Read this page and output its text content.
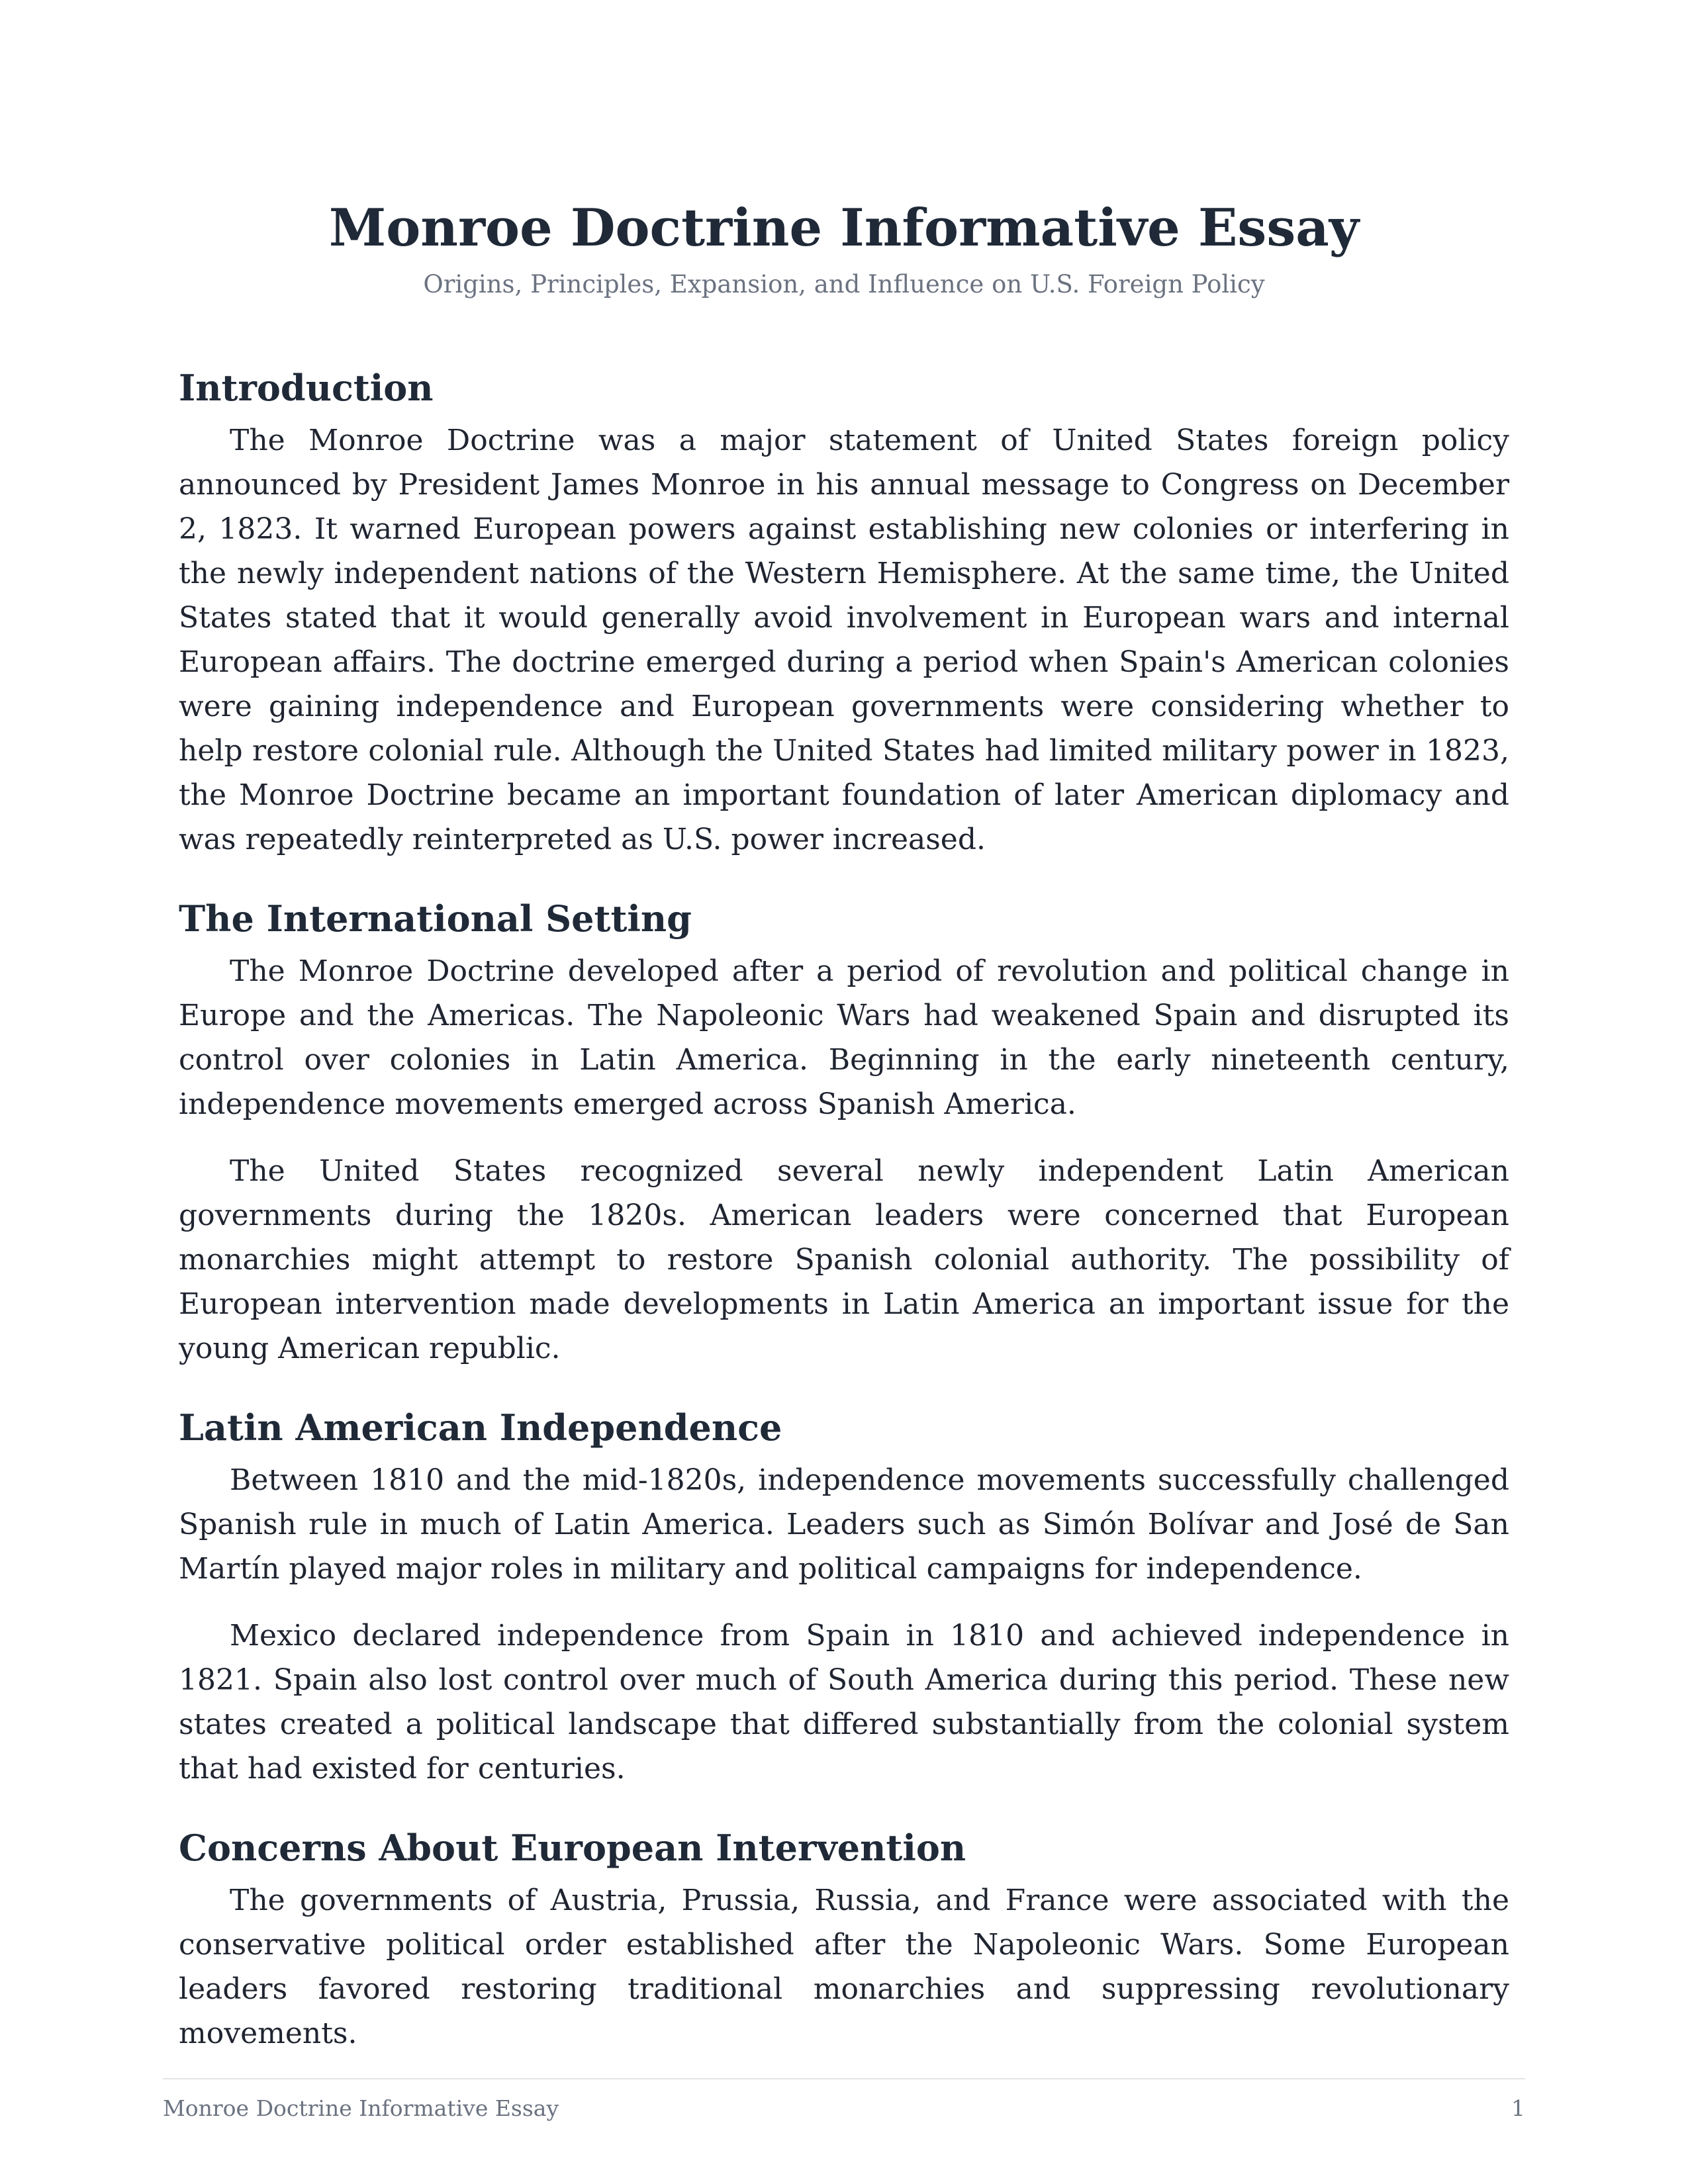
Monroe Doctrine Informative Essay

Origins, Principles, Expansion, and Influence on U.S. Foreign Policy

Introduction

The Monroe Doctrine was a major statement of United States foreign policy announced by President James Monroe in his annual message to Congress on December 2, 1823. It warned European powers against establishing new colonies or interfering in the newly independent nations of the Western Hemisphere. At the same time, the United States stated that it would generally avoid involvement in European wars and internal European affairs. The doctrine emerged during a period when Spain's American colonies were gaining independence and European governments were considering whether to help restore colonial rule. Although the United States had limited military power in 1823, the Monroe Doctrine became an important foundation of later American diplomacy and was repeatedly reinterpreted as U.S. power increased.

The International Setting

The Monroe Doctrine developed after a period of revolution and political change in Europe and the Americas. The Napoleonic Wars had weakened Spain and disrupted its control over colonies in Latin America. Beginning in the early nineteenth century, independence movements emerged across Spanish America.

The United States recognized several newly independent Latin American governments during the 1820s. American leaders were concerned that European monarchies might attempt to restore Spanish colonial authority. The possibility of European intervention made developments in Latin America an important issue for the young American republic.

Latin American Independence

Between 1810 and the mid-1820s, independence movements successfully challenged Spanish rule in much of Latin America. Leaders such as Simón Bolívar and José de San Martín played major roles in military and political campaigns for independence.

Mexico declared independence from Spain in 1810 and achieved independence in 1821. Spain also lost control over much of South America during this period. These new states created a political landscape that differed substantially from the colonial system that had existed for centuries.

Concerns About European Intervention

The governments of Austria, Prussia, Russia, and France were associated with the conservative political order established after the Napoleonic Wars. Some European leaders favored restoring traditional monarchies and suppressing revolutionary movements.

Monroe Doctrine Informative Essay	1
